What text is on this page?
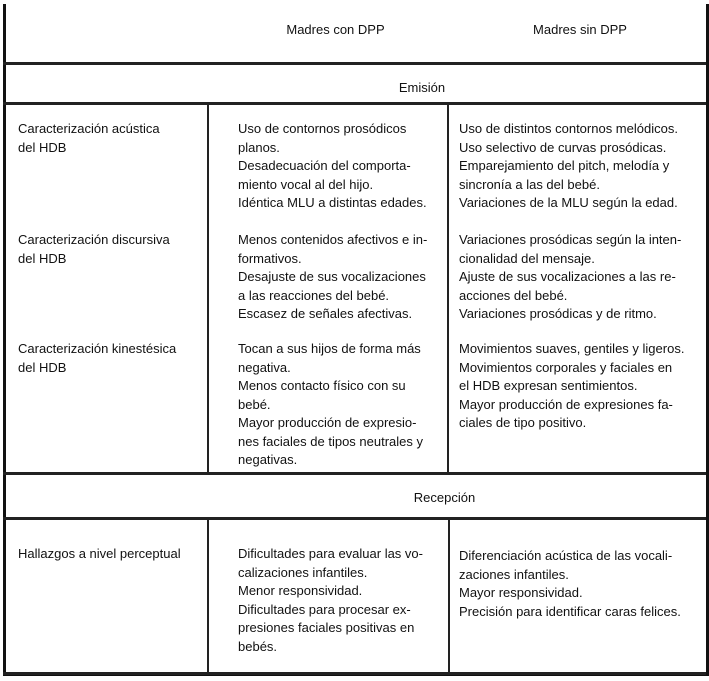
Madres con DPP	Madres sin DPP
Emisión
Recepción
Caracterización acústica
del HDB
Uso de contornos prosódicos
planos.
Desadecuación del comporta-
miento vocal al del hijo.
Idéntica MLU a distintas edades.
Uso de distintos contornos melódicos.
Uso selectivo de curvas prosódicas.
Emparejamiento del pitch, melodía y
sincronía a las del bebé.
Variaciones de la MLU según la edad.
Caracterización discursiva
del HDB
Menos contenidos afectivos e in-
formativos.
Desajuste de sus vocalizaciones
a las reacciones del bebé.
Escasez de señales afectivas.
Variaciones prosódicas según la inten-
cionalidad del mensaje.
Ajuste de sus vocalizaciones a las re-
acciones del bebé.
Variaciones prosódicas y de ritmo.
Caracterización kinestésica
del HDB
Tocan a sus hijos de forma más
negativa.
Menos contacto físico con su
bebé.
Mayor producción de expresio-
nes faciales de tipos neutrales y
negativas.
Movimientos suaves, gentiles y ligeros.
Movimientos corporales y faciales en
el HDB expresan sentimientos.
Mayor producción de expresiones fa-
ciales de tipo positivo.
Hallazgos a nivel perceptual	Dificultades para evaluar las vo-
calizaciones infantiles.
Menor responsividad.
Dificultades para procesar ex-
presiones faciales positivas en
bebés.
Diferenciación acústica de las vocali-
zaciones infantiles.
Mayor responsividad.
Precisión para identificar caras felices.
